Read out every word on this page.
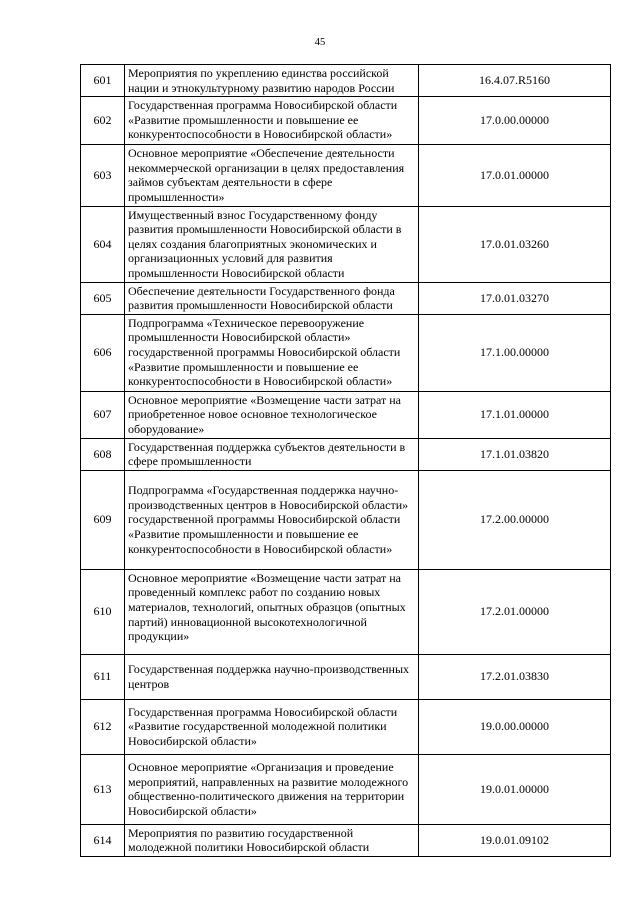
45
601	Мероприятия по укреплению единства российской нации и этнокультурному развитию народов России	16.4.07.R5160
602	Государственная программа Новосибирской области «Развитие промышленности и повышение ее конкурентоспособности в Новосибирской области»	17.0.00.00000
603	Основное мероприятие «Обеспечение деятельности некоммерческой организации в целях предоставления займов субъектам деятельности в сфере промышленности»	17.0.01.00000
604	Имущественный взнос Государственному фонду развития промышленности Новосибирской области в целях создания благоприятных экономических и организационных условий для развития промышленности Новосибирской области	17.0.01.03260
605	Обеспечение деятельности Государственного фонда развития промышленности Новосибирской области	17.0.01.03270
606	Подпрограмма «Техническое перевооружение промышленности Новосибирской области» государственной программы Новосибирской области «Развитие промышленности и повышение ее конкурентоспособности в Новосибирской области»	17.1.00.00000
607	Основное мероприятие «Возмещение части затрат на приобретенное новое основное технологическое оборудование»	17.1.01.00000
608	Государственная поддержка субъектов деятельности в сфере промышленности	17.1.01.03820
609	Подпрограмма «Государственная поддержка научно-производственных центров в Новосибирской области» государственной программы Новосибирской области «Развитие промышленности и повышение ее конкурентоспособности в Новосибирской области»	17.2.00.00000
610	Основное мероприятие «Возмещение части затрат на проведенный комплекс работ по созданию новых материалов, технологий, опытных образцов (опытных партий) инновационной высокотехнологичной продукции»	17.2.01.00000
611	Государственная поддержка научно-производственных центров	17.2.01.03830
612	Государственная программа Новосибирской области «Развитие государственной молодежной политики Новосибирской области»	19.0.00.00000
613	Основное мероприятие «Организация и проведение мероприятий, направленных на развитие молодежного общественно-политического движения на территории Новосибирской области»	19.0.01.00000
614	Мероприятия по развитию государственной молодежной политики Новосибирской области	19.0.01.09102
